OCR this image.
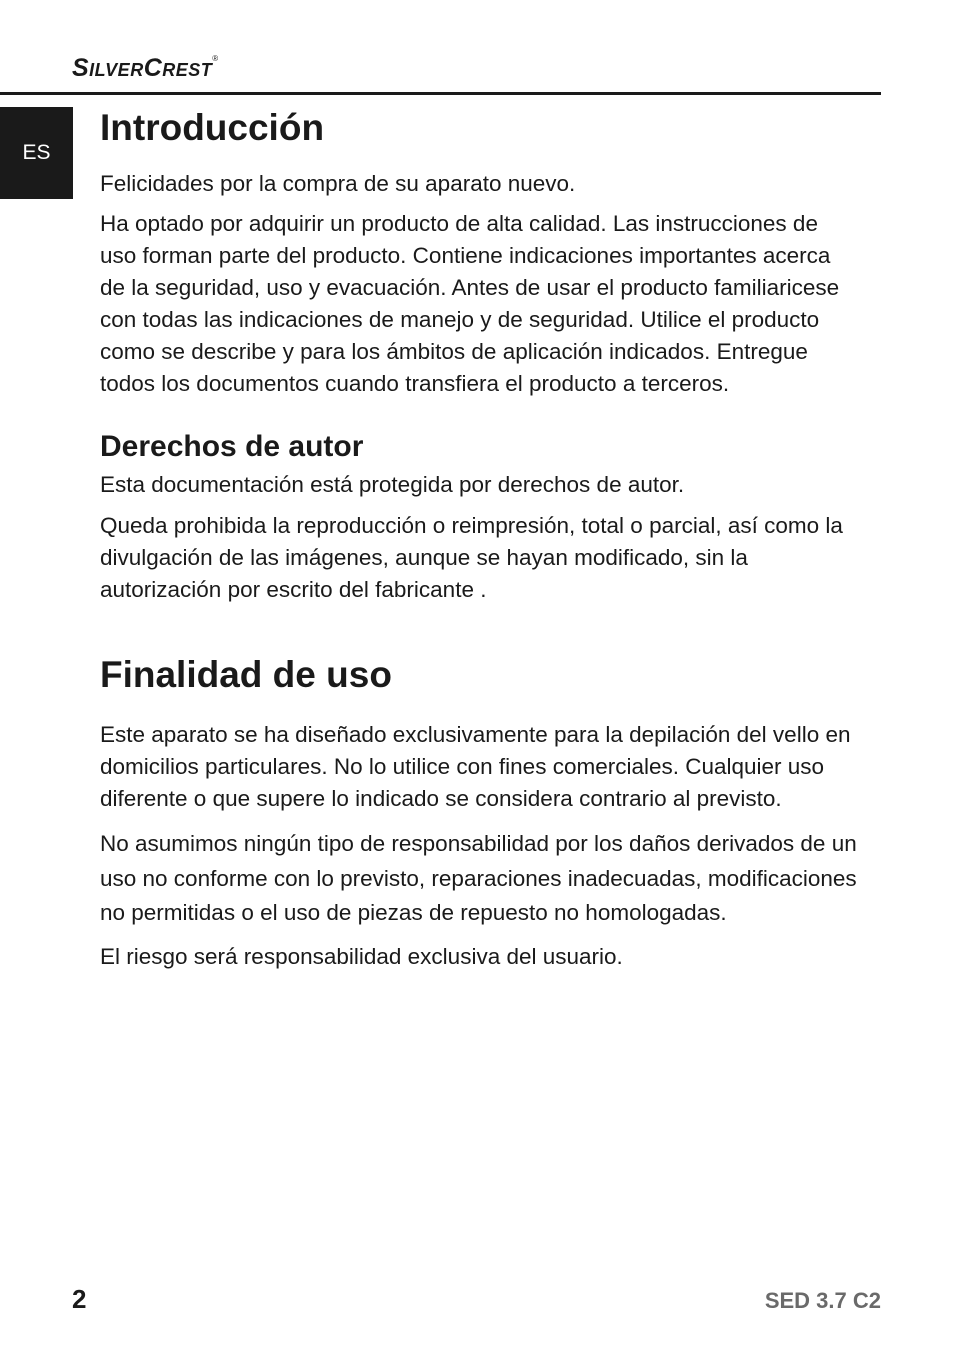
SilverCrest®
ES
Introducción

Felicidades por la compra de su aparato nuevo.

Ha optado por adquirir un producto de alta calidad. Las instrucciones de uso forman parte del producto. Contiene indicaciones importantes acerca de la seguridad, uso y evacuación. Antes de usar el producto familiaricese con todas las indicaciones de manejo y de seguridad. Utilice el producto como se describe y para los ámbitos de aplicación indicados. Entregue todos los documentos cuando transfiera el producto a terceros.

Derechos de autor

Esta documentación está protegida por derechos de autor.

Queda prohibida la reproducción o reimpresión, total o parcial, así como la divulgación de las imágenes, aunque se hayan modificado, sin la autorización por escrito del fabricante .

Finalidad de uso

Este aparato se ha diseñado exclusivamente para la depilación del vello en domicilios particulares. No lo utilice con fines comerciales. Cualquier uso diferente o que supere lo indicado se considera contrario al previsto.

No asumimos ningún tipo de responsabilidad por los daños derivados de un uso no conforme con lo previsto, reparaciones inadecuadas, modificaciones no permitidas o el uso de piezas de repuesto no homologadas.

El riesgo será responsabilidad exclusiva del usuario.

2	SED 3.7 C2
